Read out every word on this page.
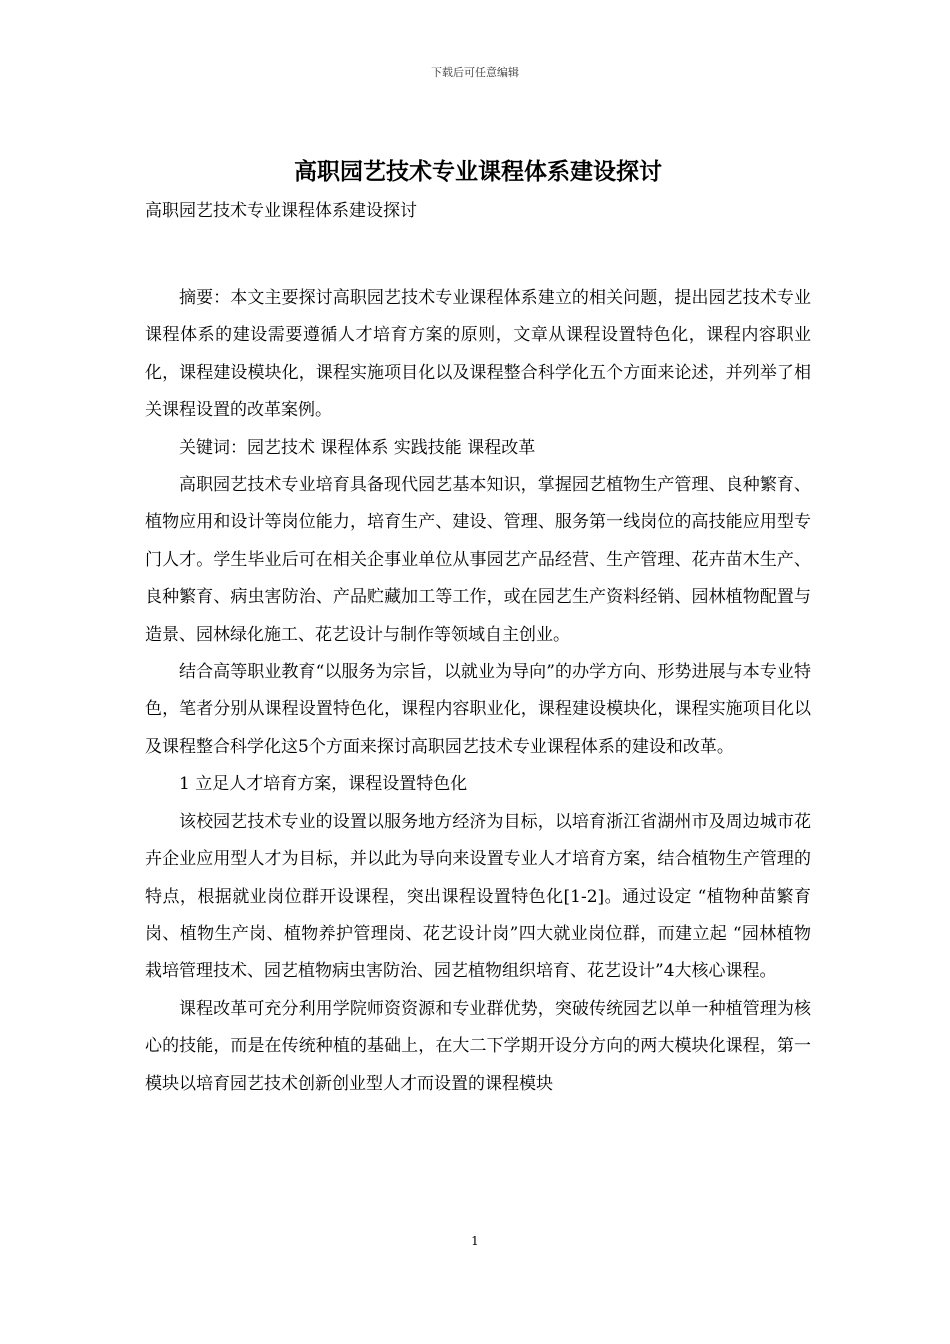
下载后可任意编辑
高职园艺技术专业课程体系建设探讨

高职园艺技术专业课程体系建设探讨

摘要：本文主要探讨高职园艺技术专业课程体系建立的相关问题，提出园艺技术专业课程体系的建设需要遵循人才培育方案的原则，文章从课程设置特色化，课程内容职业化，课程建设模块化，课程实施项目化以及课程整合科学化五个方面来论述，并列举了相关课程设置的改革案例。

关键词：园艺技术 课程体系 实践技能 课程改革

高职园艺技术专业培育具备现代园艺基本知识，掌握园艺植物生产管理、良种繁育、植物应用和设计等岗位能力，培育生产、建设、管理、服务第一线岗位的高技能应用型专门人才。学生毕业后可在相关企事业单位从事园艺产品经营、生产管理、花卉苗木生产、良种繁育、病虫害防治、产品贮藏加工等工作，或在园艺生产资料经销、园林植物配置与造景、园林绿化施工、花艺设计与制作等领域自主创业。

结合高等职业教育“以服务为宗旨，以就业为导向”的办学方向、形势进展与本专业特色，笔者分别从课程设置特色化，课程内容职业化，课程建设模块化，课程实施项目化以及课程整合科学化这5个方面来探讨高职园艺技术专业课程体系的建设和改革。

1 立足人才培育方案，课程设置特色化

该校园艺技术专业的设置以服务地方经济为目标，以培育浙江省湖州市及周边城市花卉企业应用型人才为目标，并以此为导向来设置专业人才培育方案，结合植物生产管理的特点，根据就业岗位群开设课程，突出课程设置特色化[1-2]。通过设定 “植物种苗繁育岗、植物生产岗、植物养护管理岗、花艺设计岗”四大就业岗位群，而建立起 “园林植物栽培管理技术、园艺植物病虫害防治、园艺植物组织培育、花艺设计”4大核心课程。

课程改革可充分利用学院师资资源和专业群优势，突破传统园艺以单一种植管理为核心的技能，而是在传统种植的基础上，在大二下学期开设分方向的两大模块化课程，第一模块以培育园艺技术创新创业型人才而设置的课程模块

1
